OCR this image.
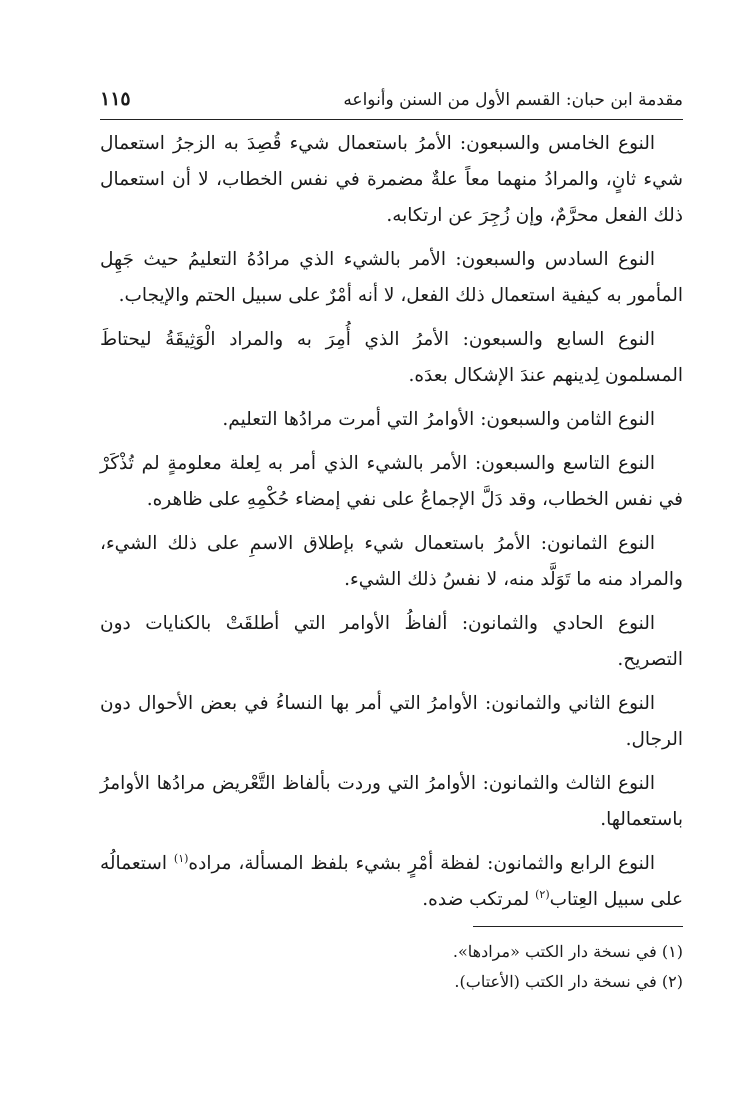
مقدمة ابن حبان: القسم الأول من السنن وأنواعه
١١٥

النوع الخامس والسبعون: الأمرُ باستعمال شيء قُصِدَ به الزجرُ استعمال شيء ثانٍ، والمرادُ منهما معاً علةٌ مضمرة في نفس الخطاب، لا أن استعمال ذلك الفعل محرَّمٌ، وإن زُجِرَ عن ارتكابه.

النوع السادس والسبعون: الأمر بالشيء الذي مرادُهُ التعليمُ حيث جَهِل المأمور به كيفية استعمال ذلك الفعل، لا أنه أمْرٌ على سبيل الحتم والإيجاب.

النوع السابع والسبعون: الأمرُ الذي أُمِرَ به والمراد الْوَثِيقَةُ ليحتاطَ المسلمون لِدينهم عندَ الإشكال بعدَه.

النوع الثامن والسبعون: الأوامرُ التي أمرت مرادُها التعليم.

النوع التاسع والسبعون: الأمر بالشيء الذي أمر به لِعلة معلومةٍ لم تُذْكَرْ في نفس الخطاب، وقد دَلَّ الإجماعُ على نفي إمضاء حُكْمِهِ على ظاهره.

النوع الثمانون: الأمرُ باستعمال شيء بإطلاق الاسمِ على ذلك الشيء، والمراد منه ما تَوَلَّد منه، لا نفسُ ذلك الشيء.

النوع الحادي والثمانون: ألفاظُ الأوامر التي أطلقَتْ بالكنايات دون التصريح.

النوع الثاني والثمانون: الأوامرُ التي أمر بها النساءُ في بعض الأحوال دون الرجال.

النوع الثالث والثمانون: الأوامرُ التي وردت بألفاظ التَّعْريض مرادُها الأوامرُ باستعمالها.

النوع الرابع والثمانون: لفظة أمْرٍ بشيء بلفظ المسألة، مراده$^{(١)}$ استعمالُه على سبيل العِتاب$^{(٢)}$ لمرتكب ضده.

(١) في نسخة دار الكتب «مرادها».

(٢) في نسخة دار الكتب (الأعتاب).
